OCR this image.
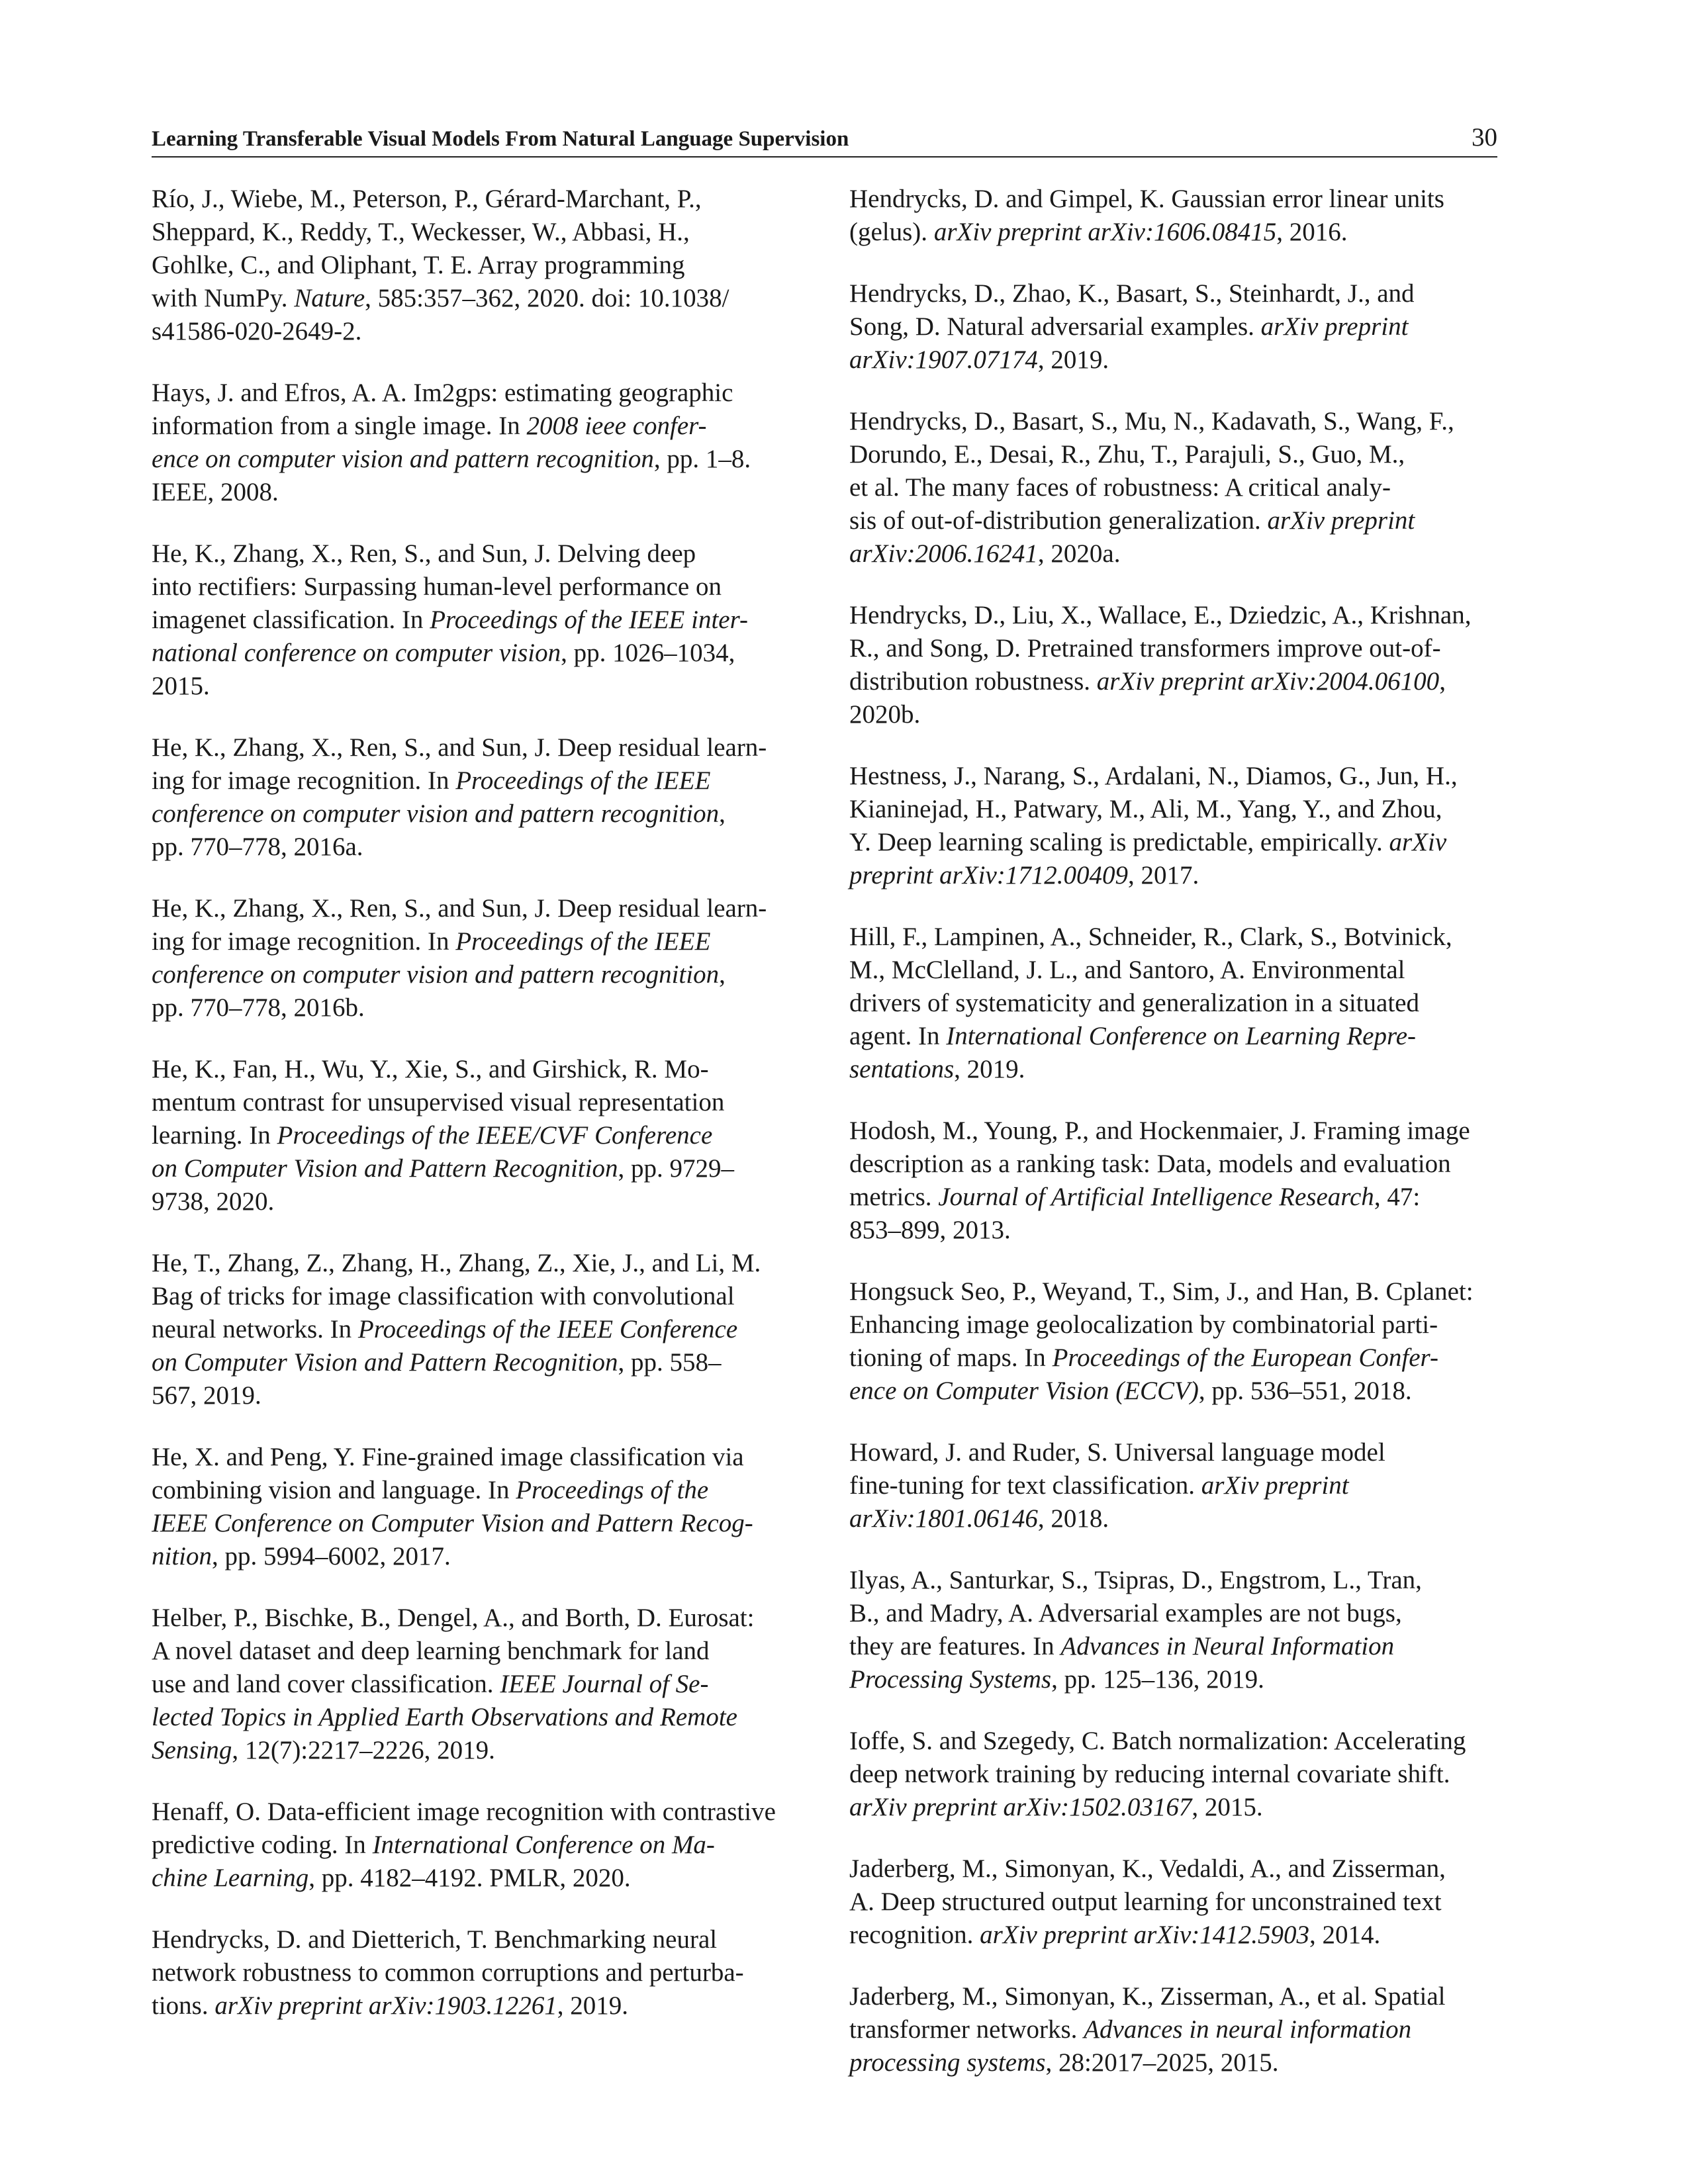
Learning Transferable Visual Models From Natural Language Supervision	30
Río, J., Wiebe, M., Peterson, P., Gérard-Marchant, P.,
Sheppard, K., Reddy, T., Weckesser, W., Abbasi, H.,
Gohlke, C., and Oliphant, T. E. Array programming
with NumPy. Nature, 585:357–362, 2020. doi: 10.1038/
s41586-020-2649-2.
Hays, J. and Efros, A. A. Im2gps: estimating geographic
information from a single image. In 2008 ieee confer-
ence on computer vision and pattern recognition, pp. 1–8.
IEEE, 2008.
He, K., Zhang, X., Ren, S., and Sun, J. Delving deep
into rectifiers: Surpassing human-level performance on
imagenet classification. In Proceedings of the IEEE inter-
national conference on computer vision, pp. 1026–1034,
2015.
He, K., Zhang, X., Ren, S., and Sun, J. Deep residual learn-
ing for image recognition. In Proceedings of the IEEE
conference on computer vision and pattern recognition,
pp. 770–778, 2016a.
He, K., Zhang, X., Ren, S., and Sun, J. Deep residual learn-
ing for image recognition. In Proceedings of the IEEE
conference on computer vision and pattern recognition,
pp. 770–778, 2016b.
He, K., Fan, H., Wu, Y., Xie, S., and Girshick, R. Mo-
mentum contrast for unsupervised visual representation
learning. In Proceedings of the IEEE/CVF Conference
on Computer Vision and Pattern Recognition, pp. 9729–
9738, 2020.
He, T., Zhang, Z., Zhang, H., Zhang, Z., Xie, J., and Li, M.
Bag of tricks for image classification with convolutional
neural networks. In Proceedings of the IEEE Conference
on Computer Vision and Pattern Recognition, pp. 558–
567, 2019.
He, X. and Peng, Y. Fine-grained image classification via
combining vision and language. In Proceedings of the
IEEE Conference on Computer Vision and Pattern Recog-
nition, pp. 5994–6002, 2017.
Helber, P., Bischke, B., Dengel, A., and Borth, D. Eurosat:
A novel dataset and deep learning benchmark for land
use and land cover classification. IEEE Journal of Se-
lected Topics in Applied Earth Observations and Remote
Sensing, 12(7):2217–2226, 2019.
Henaff, O. Data-efficient image recognition with contrastive
predictive coding. In International Conference on Ma-
chine Learning, pp. 4182–4192. PMLR, 2020.
Hendrycks, D. and Dietterich, T. Benchmarking neural
network robustness to common corruptions and perturba-
tions. arXiv preprint arXiv:1903.12261, 2019.
Hendrycks, D. and Gimpel, K. Gaussian error linear units
(gelus). arXiv preprint arXiv:1606.08415, 2016.
Hendrycks, D., Zhao, K., Basart, S., Steinhardt, J., and
Song, D. Natural adversarial examples. arXiv preprint
arXiv:1907.07174, 2019.
Hendrycks, D., Basart, S., Mu, N., Kadavath, S., Wang, F.,
Dorundo, E., Desai, R., Zhu, T., Parajuli, S., Guo, M.,
et al. The many faces of robustness: A critical analy-
sis of out-of-distribution generalization. arXiv preprint
arXiv:2006.16241, 2020a.
Hendrycks, D., Liu, X., Wallace, E., Dziedzic, A., Krishnan,
R., and Song, D. Pretrained transformers improve out-of-
distribution robustness. arXiv preprint arXiv:2004.06100,
2020b.
Hestness, J., Narang, S., Ardalani, N., Diamos, G., Jun, H.,
Kianinejad, H., Patwary, M., Ali, M., Yang, Y., and Zhou,
Y. Deep learning scaling is predictable, empirically. arXiv
preprint arXiv:1712.00409, 2017.
Hill, F., Lampinen, A., Schneider, R., Clark, S., Botvinick,
M., McClelland, J. L., and Santoro, A. Environmental
drivers of systematicity and generalization in a situated
agent. In International Conference on Learning Repre-
sentations, 2019.
Hodosh, M., Young, P., and Hockenmaier, J. Framing image
description as a ranking task: Data, models and evaluation
metrics. Journal of Artificial Intelligence Research, 47:
853–899, 2013.
Hongsuck Seo, P., Weyand, T., Sim, J., and Han, B. Cplanet:
Enhancing image geolocalization by combinatorial parti-
tioning of maps. In Proceedings of the European Confer-
ence on Computer Vision (ECCV), pp. 536–551, 2018.
Howard, J. and Ruder, S. Universal language model
fine-tuning for text classification. arXiv preprint
arXiv:1801.06146, 2018.
Ilyas, A., Santurkar, S., Tsipras, D., Engstrom, L., Tran,
B., and Madry, A. Adversarial examples are not bugs,
they are features. In Advances in Neural Information
Processing Systems, pp. 125–136, 2019.
Ioffe, S. and Szegedy, C. Batch normalization: Accelerating
deep network training by reducing internal covariate shift.
arXiv preprint arXiv:1502.03167, 2015.
Jaderberg, M., Simonyan, K., Vedaldi, A., and Zisserman,
A. Deep structured output learning for unconstrained text
recognition. arXiv preprint arXiv:1412.5903, 2014.
Jaderberg, M., Simonyan, K., Zisserman, A., et al. Spatial
transformer networks. Advances in neural information
processing systems, 28:2017–2025, 2015.
